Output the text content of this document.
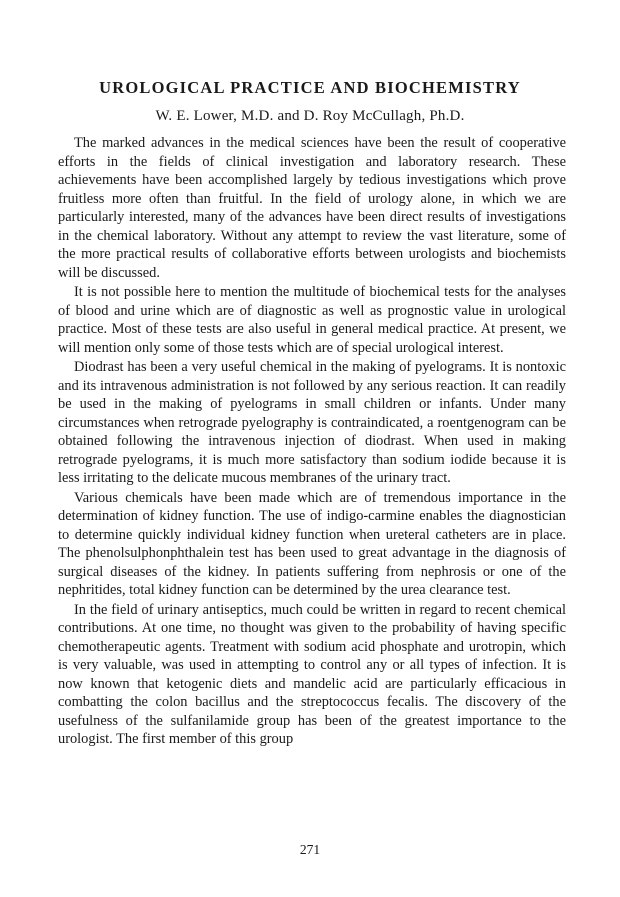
UROLOGICAL PRACTICE AND BIOCHEMISTRY

W. E. Lower, M.D. and D. Roy McCullagh, Ph.D.

The marked advances in the medical sciences have been the result of cooperative efforts in the fields of clinical investigation and laboratory research. These achievements have been accomplished largely by tedious investigations which prove fruitless more often than fruitful. In the field of urology alone, in which we are particularly interested, many of the advances have been direct results of investigations in the chemical laboratory. Without any attempt to review the vast literature, some of the more practical results of collaborative efforts between urologists and biochemists will be discussed.

It is not possible here to mention the multitude of biochemical tests for the analyses of blood and urine which are of diagnostic as well as prognostic value in urological practice. Most of these tests are also useful in general medical practice. At present, we will mention only some of those tests which are of special urological interest.

Diodrast has been a very useful chemical in the making of pyelograms. It is nontoxic and its intravenous administration is not followed by any serious reaction. It can readily be used in the making of pyelograms in small children or infants. Under many circumstances when retrograde pyelography is contraindicated, a roentgenogram can be obtained following the intravenous injection of diodrast. When used in making retrograde pyelograms, it is much more satisfactory than sodium iodide because it is less irritating to the delicate mucous membranes of the urinary tract.

Various chemicals have been made which are of tremendous importance in the determination of kidney function. The use of indigo-carmine enables the diagnostician to determine quickly individual kidney function when ureteral catheters are in place. The phenolsulphonphthalein test has been used to great advantage in the diagnosis of surgical diseases of the kidney. In patients suffering from nephrosis or one of the nephritides, total kidney function can be determined by the urea clearance test.

In the field of urinary antiseptics, much could be written in regard to recent chemical contributions. At one time, no thought was given to the probability of having specific chemotherapeutic agents. Treatment with sodium acid phosphate and urotropin, which is very valuable, was used in attempting to control any or all types of infection. It is now known that ketogenic diets and mandelic acid are particularly efficacious in combatting the colon bacillus and the streptococcus fecalis. The discovery of the usefulness of the sulfanilamide group has been of the greatest importance to the urologist. The first member of this group

271
